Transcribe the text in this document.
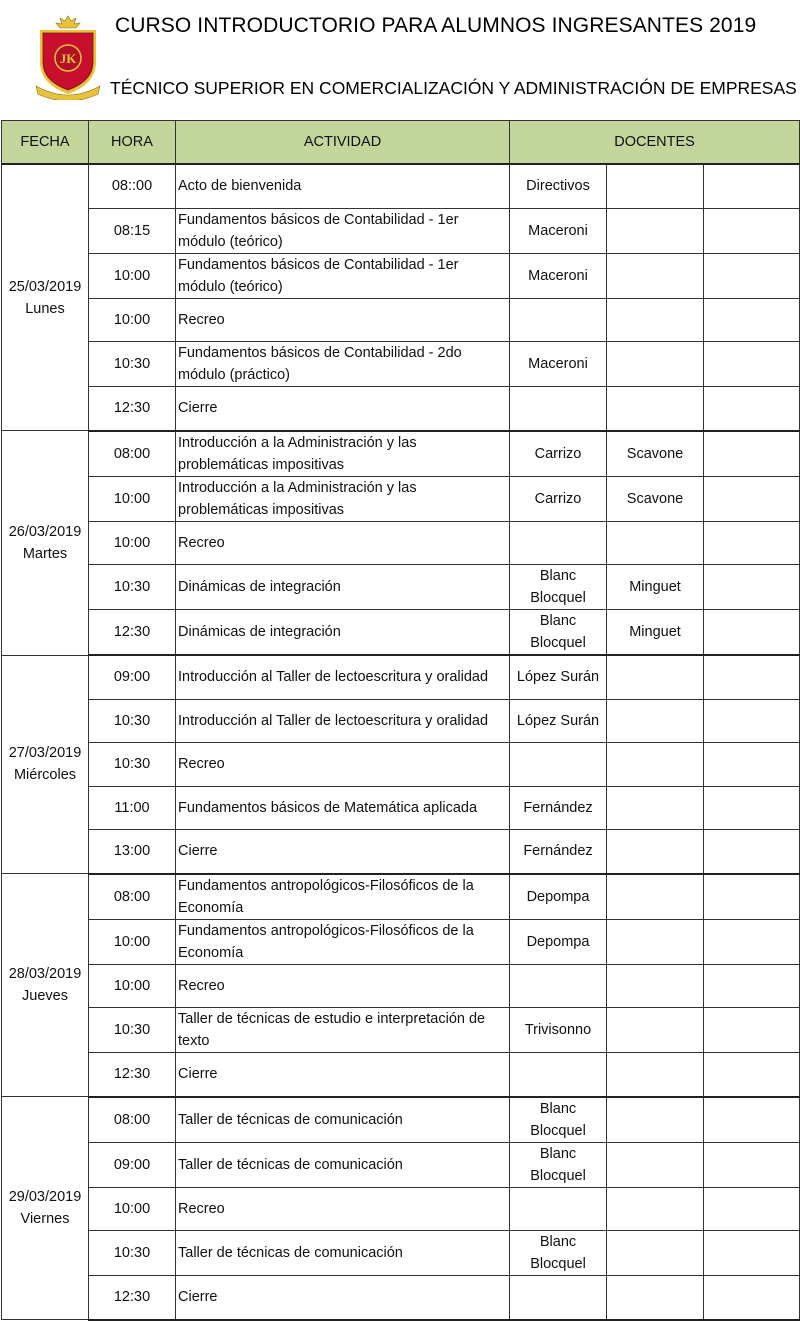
JK
CURSO INTRODUCTORIO PARA ALUMNOS INGRESANTES 2019
TÉCNICO SUPERIOR EN COMERCIALIZACIÓN Y ADMINISTRACIÓN DE EMPRESAS
FECHA	HORA	ACTIVIDAD	DOCENTES		

25/03/2019
Lunes	08::00	Acto de bienvenida	Directivos		
	08:15	Fundamentos básicos de Contabilidad - 1er módulo (teórico)	Maceroni		
	10:00	Fundamentos básicos de Contabilidad - 1er módulo (teórico)	Maceroni		
	10:00	Recreo			
	10:30	Fundamentos básicos de Contabilidad - 2do módulo (práctico)	Maceroni		
	12:30	Cierre			

26/03/2019
Martes	08:00	Introducción a la Administración y las problemáticas impositivas	Carrizo	Scavone	
	10:00	Introducción a la Administración y las problemáticas impositivas	Carrizo	Scavone	
	10:00	Recreo			
	10:30	Dinámicas de integración	Blanc Blocquel	Minguet	
	12:30	Dinámicas de integración	Blanc Blocquel	Minguet	

27/03/2019
Miércoles	09:00	Introducción al Taller de lectoescritura y oralidad	López Surán		
	10:30	Introducción al Taller de lectoescritura y oralidad	López Surán		
	10:30	Recreo			
	11:00	Fundamentos básicos de Matemática aplicada	Fernández		
	13:00	Cierre	Fernández		

28/03/2019
Jueves	08:00	Fundamentos antropológicos-Filosóficos de la Economía	Depompa		
	10:00	Fundamentos antropológicos-Filosóficos de la Economía	Depompa		
	10:00	Recreo			
	10:30	Taller de técnicas de estudio e interpretación de texto	Trivisonno		
	12:30	Cierre			

29/03/2019
Viernes	08:00	Taller de técnicas de comunicación	Blanc Blocquel		
	09:00	Taller de técnicas de comunicación	Blanc Blocquel		
	10:00	Recreo			
	10:30	Taller de técnicas de comunicación	Blanc Blocquel		
	12:30	Cierre			
